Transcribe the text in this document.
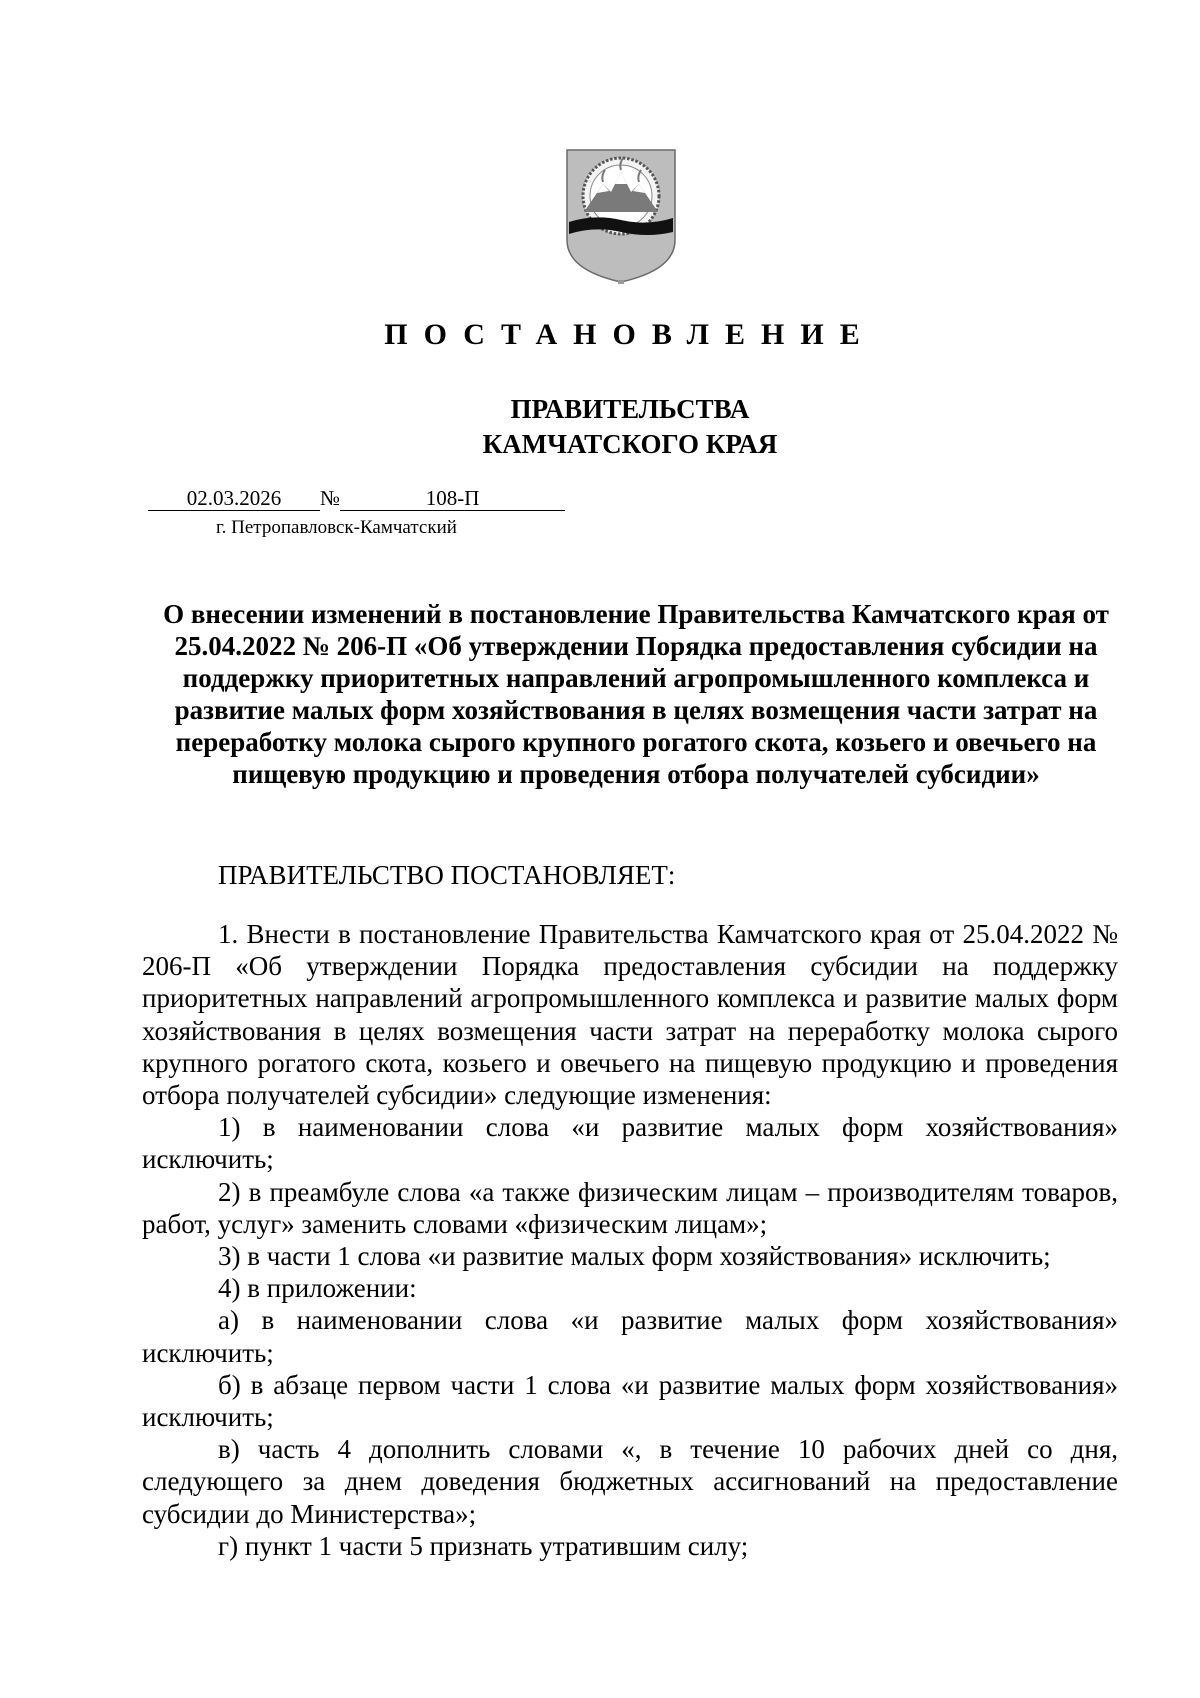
ПОСТАНОВЛЕНИЕ
ПРАВИТЕЛЬСТВА
КАМЧАТСКОГО КРАЯ
02.03.2026 №	108-П
г. Петропавловск-Камчатский
О внесении изменений в постановление Правительства Камчатского края от 25.04.2022 № 206-П «Об утверждении Порядка предоставления субсидии на поддержку приоритетных направлений агропромышленного комплекса и развитие малых форм хозяйствования в целях возмещения части затрат на переработку молока сырого крупного рогатого скота, козьего и овечьего на пищевую продукцию и проведения отбора получателей субсидии»
ПРАВИТЕЛЬСТВО ПОСТАНОВЛЯЕТ:

1. Внести в постановление Правительства Камчатского края от 25.04.2022 № 206-П «Об утверждении Порядка предоставления субсидии на поддержку приоритетных направлений агропромышленного комплекса и развитие малых форм хозяйствования в целях возмещения части затрат на переработку молока сырого крупного рогатого скота, козьего и овечьего на пищевую продукцию и проведения отбора получателей субсидии» следующие изменения:

1) в наименовании слова «и развитие малых форм хозяйствования» исключить;

2) в преамбуле слова «а также физическим лицам – производителям товаров, работ, услуг» заменить словами «физическим лицам»;

3) в части 1 слова «и развитие малых форм хозяйствования» исключить;

4) в приложении:

а) в наименовании слова «и развитие малых форм хозяйствования» исключить;

б) в абзаце первом части 1 слова «и развитие малых форм хозяйствования» исключить;

в) часть 4 дополнить словами «, в течение 10 рабочих дней со дня, следующего за днем доведения бюджетных ассигнований на предоставление субсидии до Министерства»;

г) пункт 1 части 5 признать утратившим силу;
